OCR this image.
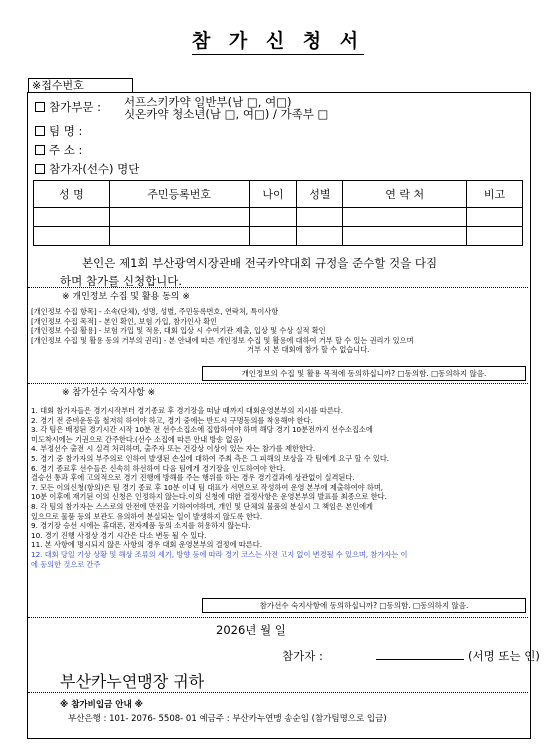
참 가 신 청 서
※접수번호
참가부문 : 서프스키카약 일반부(남 □, 여□)
싯온카약 청소년(남 □, 여□) / 가족부 □
팀 명 :
주 소 :
참가자(선수) 명단
성 명	주민등록번호	나이	성별	연 락 처	비고

본인은 제1회 부산광역시장관배 전국카약대회 규정을 준수할 것을 다짐
하며 참가를 신청합니다.
※ 개인정보 수집 및 활용 동의 ※
[개인정보 수집 항목] - 소속(단체), 성명, 성별, 주민등록번호, 연락처, 특이사항
[개인정보 수집 목적] - 본인 확인, 보험 가입, 참가인사 확인
[개인정보 수집 활용] - 보험 가입 및 적용, 대회 입상 시 수여기관 제출, 입상 및 수상 실적 확인
[개인정보 수집 및 활용 동의 거부의 권리] - 본 안내에 따른 개인정보 수집 및 활용에 대하여 거부 할 수 있는 권리가 있으며
거부 시 본 대회에 참가 할 수 없습니다.
개인정보의 수집 및 활용 목적에 동의하십니까? □동의함. □동의하지 않음.
※ 참가선수 숙지사항 ※
1. 대회 참가자들은 경기시작부터 경기종료 후 경기장을 떠날 때까지 대회운영본부의 지시를 따른다.
2. 경기 전 준비운동을 철저히 하여야 하고, 경기 중에는 반드시 구명동의를 착용해야 한다.
3. 각 팀은 배정된 경기시간 시작 10분 전 선수소집소에 집합하여야 하며 해당 경기 10분전까지 선수소집소에
미도착시에는 기권으로 간주한다.(선수 소집에 따른 안내 방송 없음)
4. 부정선수 출전 시 실격 처리하며, 출주자 또는 건강상 이상이 있는 자는 참가를 제한한다.
5. 경기 중 참가자의 부주의로 인하여 발생된 손실에 대하여 주최 측은 그 피해의 보상을 각 팀에게 요구 할 수 있다.
6. 경기 종료후 선수들은 신속히 하선하여 다음 팀에게 경기장을 인도하여야 한다.
결승선 통과 후에 고의적으로 경기 진행에 방해를 주는 행위를 하는 경우 경기결과에 상관없이 실격된다.
7. 모든 이의신청(항의)은 팀 경기 종료 후 10분 이내 팀 대표가 서면으로 작성하여 운영 본부에 제출하여야 하며,
10분 이후에 재기된 이의 신청은 인정하지 않는다.이의 신청에 대한 결정사항은 운영본부의 발표를 최종으로 한다.
8. 각 팀의 참가자는 스스로의 안전에 만전을 기하여야하며, 개인 및 단체의 물품의 분실시 그 책임은 본인에게
있으므로 물품 등의 보관도 유의하여 분실되는 일이 발생하지 않도록 한다.
9. 경기장 승선 시에는 휴대폰, 전자제품 등의 소지를 허용하지 않는다.
10. 경기 진행 사정상 경기 시간은 다소 변동 될 수 있다.
11. 본 사항에 명시되지 않은 사항의 경우 대회 운영본부의 결정에 따른다.
12. 대회 당일 기상 상황 및 해상 조류의 세기, 방향 등에 따라 경기 코스는 사전 고지 없이 변경될 수 있으며, 참가자는 이
에 동의한 것으로 간주
참가선수 숙지사항에 동의하십니까? □동의함. □동의하지 않음.
2026년 월 일
참가자 :	(서명 또는 인)
부산카누연맹장 귀하
※ 참가비입금 안내 ※
부산은행 : 101- 2076- 5508- 01 예금주 : 부산카누연맹 송순임 (참가팀명으로 입금)
